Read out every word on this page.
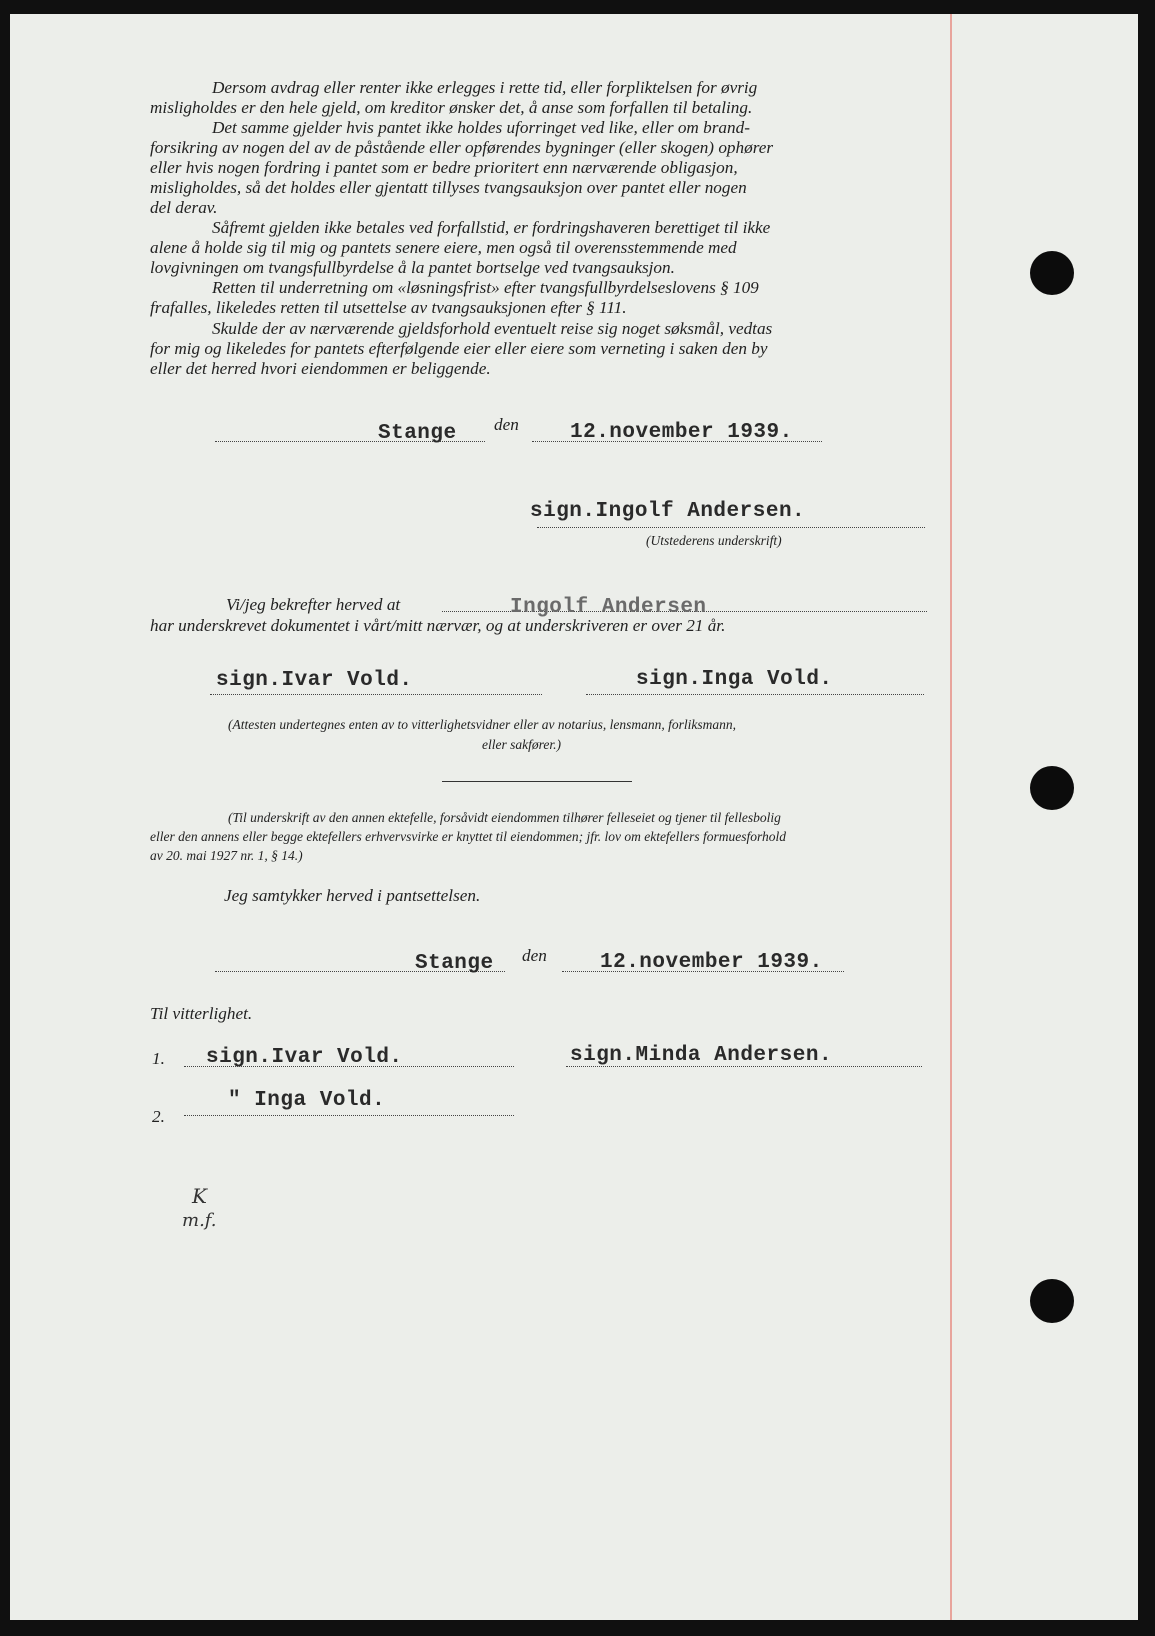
Dersom avdrag eller renter ikke erlegges i rette tid, eller forpliktelsen for øvrig
misligholdes er den hele gjeld, om kreditor ønsker det, å anse som forfallen til betaling.
Det samme gjelder hvis pantet ikke holdes uforringet ved like, eller om brand-
forsikring av nogen del av de påstående eller opførendes bygninger (eller skogen) ophører
eller hvis nogen fordring i pantet som er bedre prioritert enn nærværende obligasjon,
misligholdes, så det holdes eller gjentatt tillyses tvangsauksjon over pantet eller nogen
del derav.
Såfremt gjelden ikke betales ved forfallstid, er fordringshaveren berettiget til ikke
alene å holde sig til mig og pantets senere eiere, men også til overensstemmende med
lovgivningen om tvangsfullbyrdelse å la pantet bortselge ved tvangsauksjon.
Retten til underretning om «løsningsfrist» efter tvangsfullbyrdelseslovens § 109
frafalles, likeledes retten til utsettelse av tvangsauksjonen efter § 111.
Skulde der av nærværende gjeldsforhold eventuelt reise sig noget søksmål, vedtas
for mig og likeledes for pantets efterfølgende eier eller eiere som verneting i saken den by
eller det herred hvori eiendommen er beliggende.
Stange den 12.november 1939.
sign.Ingolf Andersen.
(Utstederens underskrift)
Vi/jeg bekrefter herved at	Ingolf Andersen
har underskrevet dokumentet i vårt/mitt nærvær, og at underskriveren er over 21 år.
sign.Ivar Vold.	sign.Inga Vold.
(Attesten undertegnes enten av to vitterlighetsvidner eller av notarius, lensmann, forliksmann,
eller sakfører.)
(Til underskrift av den annen ektefelle, forsåvidt eiendommen tilhører felleseiet og tjener til fellesbolig
eller den annens eller begge ektefellers erhvervsvirke er knyttet til eiendommen; jfr. lov om ektefellers formuesforhold
av 20. mai 1927 nr. 1, § 14.)
Jeg samtykker herved i pantsettelsen.
Stange den	12.november 1939.
Til vitterlighet.
1. sign.Ivar Vold.	sign.Minda Andersen.
2.
" Inga Vold.
K
m.f.
